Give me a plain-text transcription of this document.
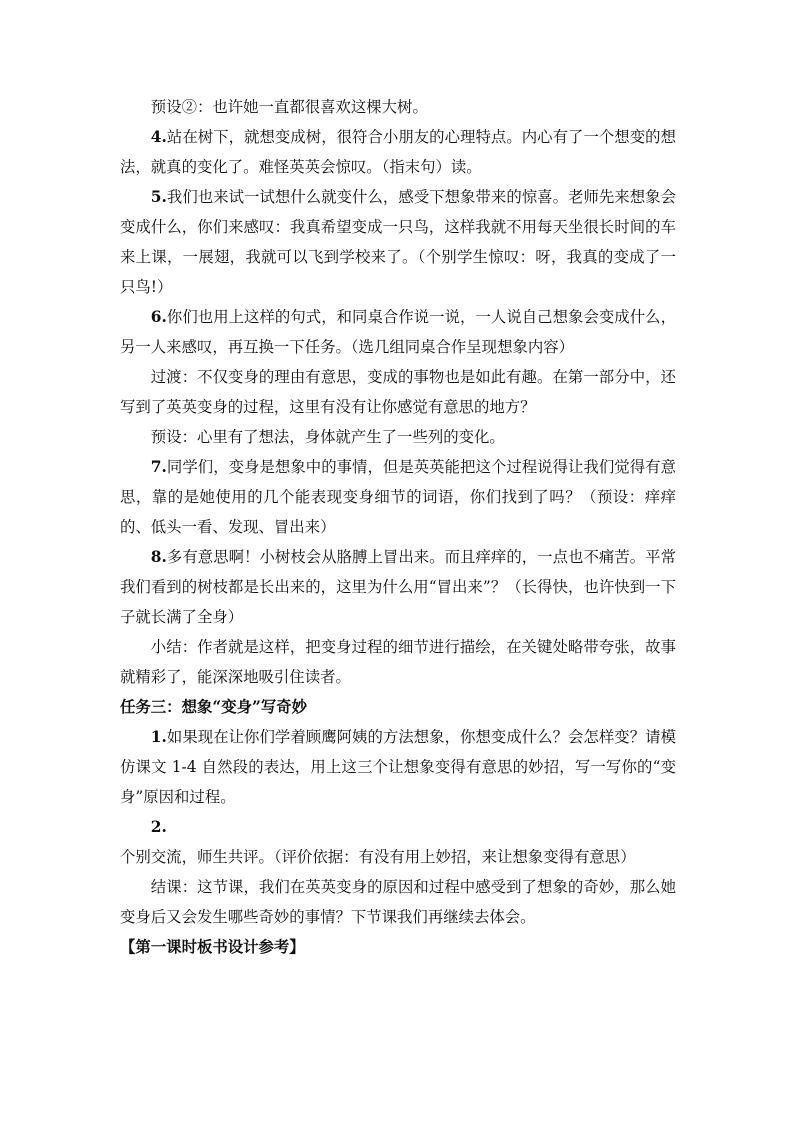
预设②：也许她一直都很喜欢这棵大树。

4.站在树下，就想变成树，很符合小朋友的心理特点。内心有了一个想变的想法，就真的变化了。难怪英英会惊叹。（指末句）读。

5.我们也来试一试想什么就变什么，感受下想象带来的惊喜。老师先来想象会变成什么，你们来感叹：我真希望变成一只鸟，这样我就不用每天坐很长时间的车来上课，一展翅，我就可以飞到学校来了。（个别学生惊叹：呀，我真的变成了一只鸟!）

6.你们也用上这样的句式，和同桌合作说一说，一人说自己想象会变成什么，另一人来感叹，再互换一下任务。（选几组同桌合作呈现想象内容）

过渡：不仅变身的理由有意思，变成的事物也是如此有趣。在第一部分中，还写到了英英变身的过程，这里有没有让你感觉有意思的地方？

预设：心里有了想法，身体就产生了一些列的变化。

7.同学们，变身是想象中的事情，但是英英能把这个过程说得让我们觉得有意思，靠的是她使用的几个能表现变身细节的词语，你们找到了吗？（预设：痒痒的、低头一看、发现、冒出来）

8.多有意思啊！小树枝会从胳膊上冒出来。而且痒痒的，一点也不痛苦。平常我们看到的树枝都是长出来的，这里为什么用“冒出来”？（长得快，也许快到一下子就长满了全身）

小结：作者就是这样，把变身过程的细节进行描绘，在关键处略带夸张，故事就精彩了，能深深地吸引住读者。

任务三：想象“变身”写奇妙

1.如果现在让你们学着顾鹰阿姨的方法想象，你想变成什么？会怎样变？请模仿课文 1-4 自然段的表达，用上这三个让想象变得有意思的妙招，写一写你的“变身”原因和过程。

2.个别交流，师生共评。（评价依据：有没有用上妙招，来让想象变得有意思）

结课：这节课，我们在英英变身的原因和过程中感受到了想象的奇妙，那么她变身后又会发生哪些奇妙的事情？下节课我们再继续去体会。

【第一课时板书设计参考】
